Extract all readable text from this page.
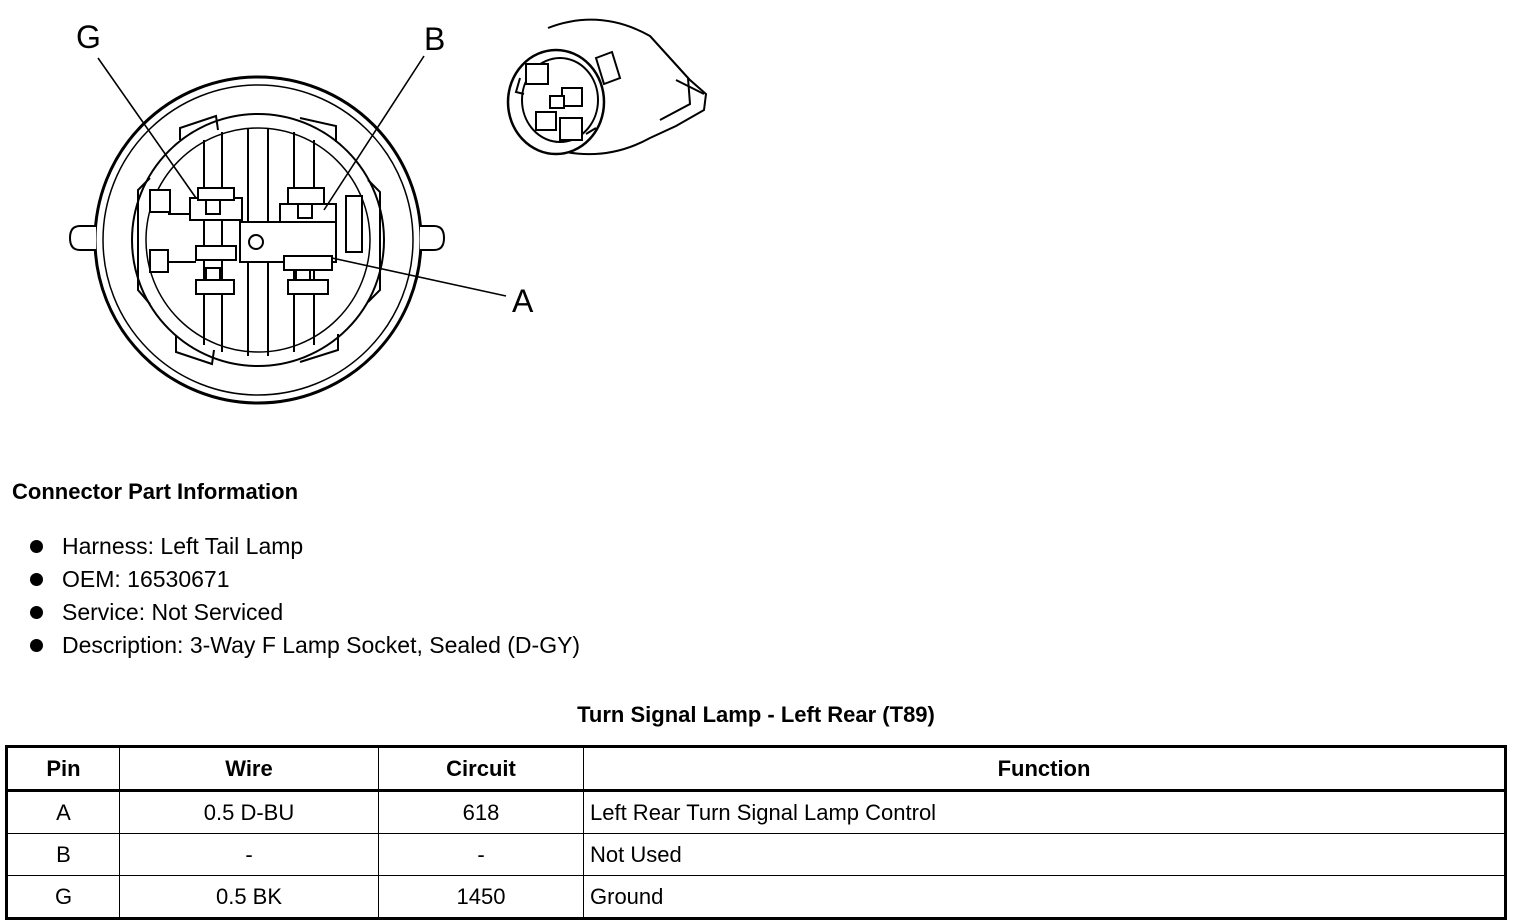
G	B
A
Connector Part Information
Harness: Left Tail Lamp
OEM: 16530671
Service: Not Serviced
Description: 3-Way F Lamp Socket, Sealed (D-GY)
Turn Signal Lamp - Left Rear (T89)
Pin	Wire	Circuit	Function
A	0.5 D-BU	618	Left Rear Turn Signal Lamp Control
B	-	-	Not Used
G	0.5 BK	1450	Ground
